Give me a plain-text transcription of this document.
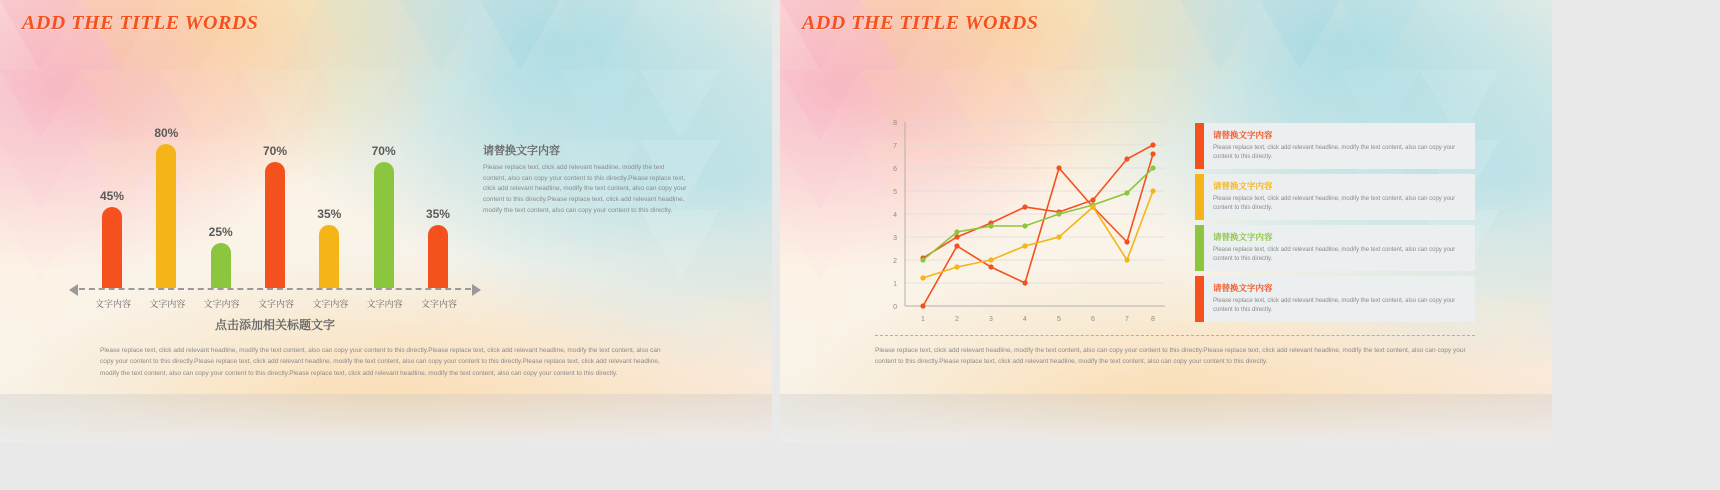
ADD THE TITLE WORDS
45%
80%
25%
70%
35%
70%
35%
文字内容 文字内容 文字内容 文字内容 文字内容 文字内容 文字内容
点击添加相关标题文字
请替换文字内容

Please replace text, click add relevant headline, modify the text content, also can copy your content to this directly.Please replace text, click add relevant headline, modify the text content, also can copy your content to this directly.Please replace text, click add relevant headline, modify the text content, also can copy your content to this directly.

Please replace text, click add relevant headline, modify the text content, also can copy your content to this directly.Please replace text, click add relevant headline, modify the text content, also can copy your content to this directly.Please replace text, click add relevant headline, modify the text content, also can copy your content to this directly.Please replace text, click add relevant headline, modify the text content, also can copy your content to this directly.Please replace text, click add relevant headline, modify the text content, also can copy your content to this directly.
ADD THE TITLE WORDS
8
7
6
5
4
3
2
1
0
1	2	3	4	5	6	7	8

请替换文字内容

Please replace text, click add relevant headline, modify the text content, also can copy your content to this directly.

请替换文字内容

Please replace text, click add relevant headline, modify the text content, also can copy your content to this directly.

请替换文字内容

Please replace text, click add relevant headline, modify the text content, also can copy your content to this directly.

请替换文字内容

Please replace text, click add relevant headline, modify the text content, also can copy your content to this directly.

Please replace text, click add relevant headline, modify the text content, also can copy your content to this directly.Please replace text, click add relevant headline, modify the text content, also can copy your content to this directly.Please replace text, click add relevant headline, modify the text content, also can copy your content to this directly.
